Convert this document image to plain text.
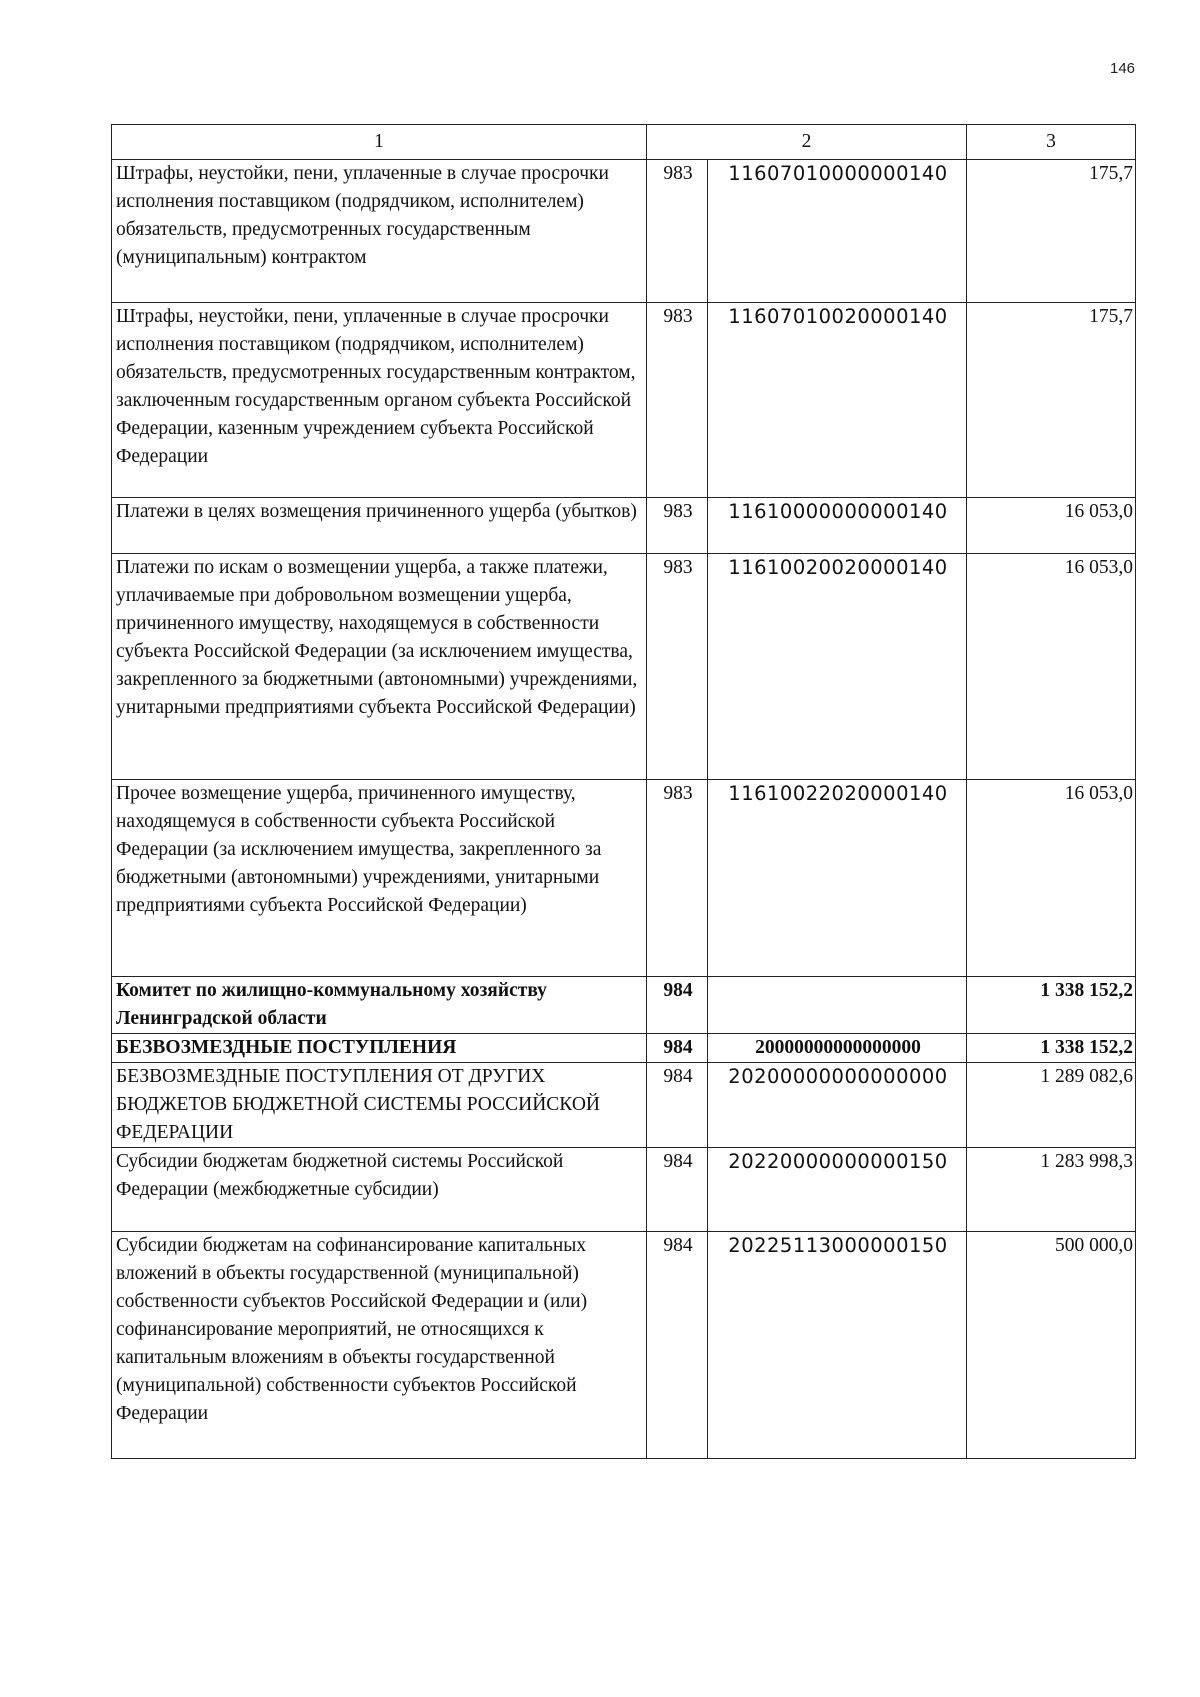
146
1	2		3
Штрафы, неустойки, пени, уплаченные в случае просрочки исполнения поставщиком (подрядчиком, исполнителем) обязательств, предусмотренных государственным (муниципальным) контрактом	983	11607010000000140	175,7
Штрафы, неустойки, пени, уплаченные в случае просрочки исполнения поставщиком (подрядчиком, исполнителем) обязательств, предусмотренных государственным контрактом, заключенным государственным органом субъекта Российской Федерации, казенным учреждением субъекта Российской Федерации	983	11607010020000140	175,7
Платежи в целях возмещения причиненного ущерба (убытков)	983	11610000000000140	16 053,0
Платежи по искам о возмещении ущерба, а также платежи, уплачиваемые при добровольном возмещении ущерба, причиненного имуществу, находящемуся в собственности субъекта Российской Федерации (за исключением имущества, закрепленного за бюджетными (автономными) учреждениями, унитарными предприятиями субъекта Российской Федерации)	983	11610020020000140	16 053,0
Прочее возмещение ущерба, причиненного имуществу, находящемуся в собственности субъекта Российской Федерации (за исключением имущества, закрепленного за бюджетными (автономными) учреждениями, унитарными предприятиями субъекта Российской Федерации)	983	11610022020000140	16 053,0
Комитет по жилищно-коммунальному хозяйству Ленинградской области	984		1 338 152,2
БЕЗВОЗМЕЗДНЫЕ ПОСТУПЛЕНИЯ	984	20000000000000000	1 338 152,2
БЕЗВОЗМЕЗДНЫЕ ПОСТУПЛЕНИЯ ОТ ДРУГИХ БЮДЖЕТОВ БЮДЖЕТНОЙ СИСТЕМЫ РОССИЙСКОЙ ФЕДЕРАЦИИ	984	20200000000000000	1 289 082,6
Субсидии бюджетам бюджетной системы Российской Федерации (межбюджетные субсидии)	984	20220000000000150	1 283 998,3
Субсидии бюджетам на софинансирование капитальных вложений в объекты государственной (муниципальной) собственности субъектов Российской Федерации и (или) софинансирование мероприятий, не относящихся к капитальным вложениям в объекты государственной (муниципальной) собственности субъектов Российской Федерации	984	20225113000000150	500 000,0
